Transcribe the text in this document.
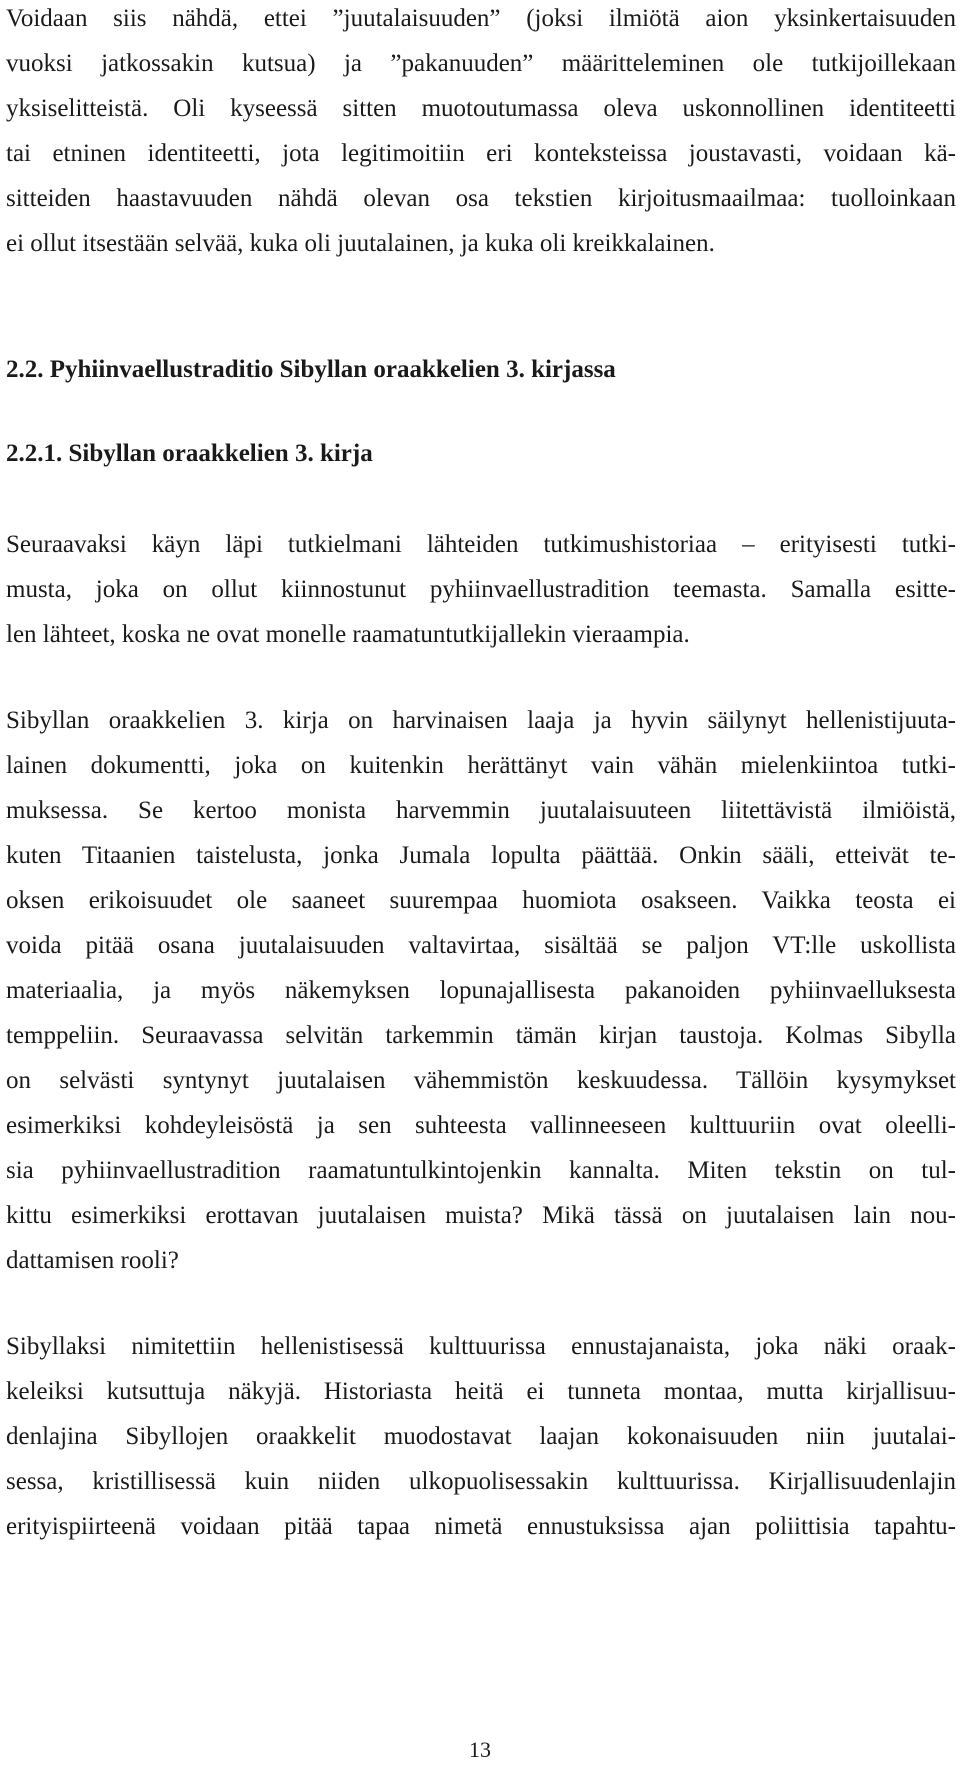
Voidaan siis nähdä, ettei ”juutalaisuuden” (joksi ilmiötä aion yksinkertaisuuden
vuoksi jatkossakin kutsua) ja ”pakanuuden” määritteleminen ole tutkijoillekaan
yksiselitteistä. Oli kyseessä sitten muotoutumassa oleva uskonnollinen identiteetti
tai etninen identiteetti, jota legitimoitiin eri konteksteissa joustavasti, voidaan kä-
sitteiden haastavuuden nähdä olevan osa tekstien kirjoitusmaailmaa: tuolloinkaan
ei ollut itsestään selvää, kuka oli juutalainen, ja kuka oli kreikkalainen.
2.2. Pyhiinvaellustraditio Sibyllan oraakkelien 3. kirjassa
2.2.1. Sibyllan oraakkelien 3. kirja
Seuraavaksi käyn läpi tutkielmani lähteiden tutkimushistoriaa – erityisesti tutki-
musta, joka on ollut kiinnostunut pyhiinvaellustradition teemasta. Samalla esitte-
len lähteet, koska ne ovat monelle raamatuntutkijallekin vieraampia.
Sibyllan oraakkelien 3. kirja on harvinaisen laaja ja hyvin säilynyt hellenistijuuta-
lainen dokumentti, joka on kuitenkin herättänyt vain vähän mielenkiintoa tutki-
muksessa. Se kertoo monista harvemmin juutalaisuuteen liitettävistä ilmiöistä,
kuten Titaanien taistelusta, jonka Jumala lopulta päättää. Onkin sääli, etteivät te-
oksen erikoisuudet ole saaneet suurempaa huomiota osakseen. Vaikka teosta ei
voida pitää osana juutalaisuuden valtavirtaa, sisältää se paljon VT:lle uskollista
materiaalia, ja myös näkemyksen lopunajallisesta pakanoiden pyhiinvaelluksesta
temppeliin. Seuraavassa selvitän tarkemmin tämän kirjan taustoja. Kolmas Sibylla
on selvästi syntynyt juutalaisen vähemmistön keskuudessa. Tällöin kysymykset
esimerkiksi kohdeyleisöstä ja sen suhteesta vallinneeseen kulttuuriin ovat oleelli-
sia pyhiinvaellustradition raamatuntulkintojenkin kannalta. Miten tekstin on tul-
kittu esimerkiksi erottavan juutalaisen muista? Mikä tässä on juutalaisen lain nou-
dattamisen rooli?
Sibyllaksi nimitettiin hellenistisessä kulttuurissa ennustajanaista, joka näki oraak-
keleiksi kutsuttuja näkyjä. Historiasta heitä ei tunneta montaa, mutta kirjallisuu-
denlajina Sibyllojen oraakkelit muodostavat laajan kokonaisuuden niin juutalai-
sessa, kristillisessä kuin niiden ulkopuolisessakin kulttuurissa. Kirjallisuudenlajin
erityispiirteenä voidaan pitää tapaa nimetä ennustuksissa ajan poliittisia tapahtu-
13
